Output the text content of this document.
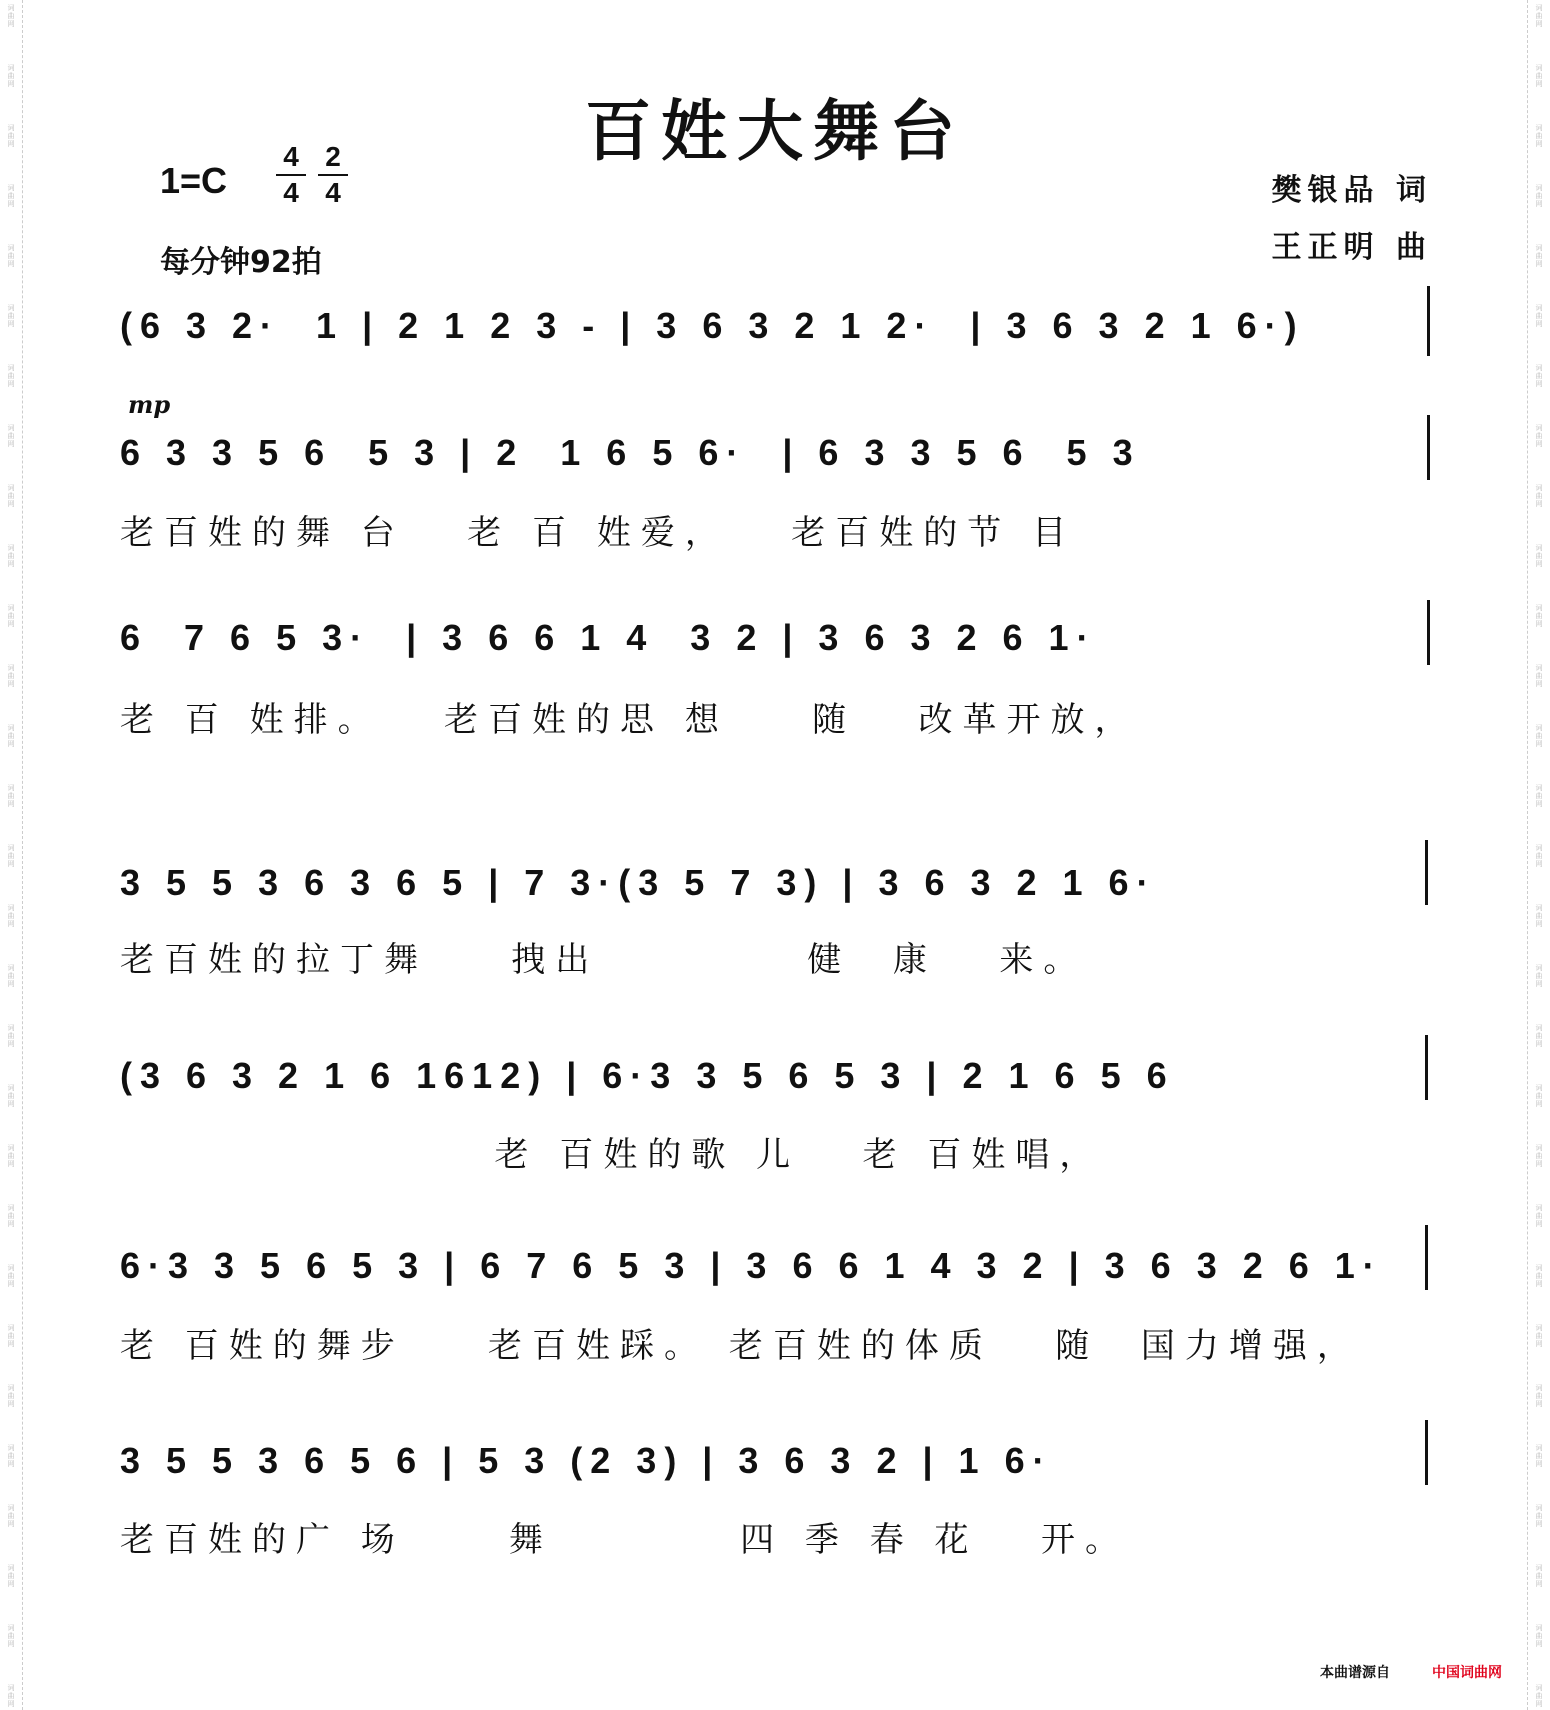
百姓大舞台
1=C
4
4
2
4
每分钟92拍
樊银品 词
王正明 曲
mp
(6 3 2·  1 | 2 1 2 3 - | 3 6 3 2 1 2·  | 3 6 3 2 1 6·)
6 3 3 5 6  5 3 | 2  1 6 5 6·  | 6 3 3 5 6  5 3
老百姓的舞 台   老 百 姓爱，   老百姓的节 目
6  7 6 5 3·  | 3 6 6 1 4  3 2 | 3 6 3 2 6 1·
老 百 姓排。   老百姓的思 想    随   改革开放，
3 5 5 3 6 3 6 5 | 7 3·(3 5 7 3) | 3 6 3 2 1 6·
老百姓的拉丁舞    拽出          健  康   来。
(3 6 3 2 1 6 1612) | 6·3 3 5 6 5 3 | 2 1 6 5 6
老 百姓的歌 儿   老 百姓唱，
6·3 3 5 6 5 3 | 6 7 6 5 3 | 3 6 6 1 4 3 2 | 3 6 3 2 6 1·
老 百姓的舞步    老百姓踩。 老百姓的体质   随  国力增强，
3 5 5 3 6 5 6 | 5 3 (2 3) | 3 6 3 2 | 1 6·
老百姓的广 场     舞         四 季 春 花   开。
本曲谱源自	中国词曲网
词
曲
网
词
曲
网
词
曲
网
词
曲
网
词
曲
网
词
曲
网
词
曲
网
词
曲
网
词
曲
网
词
曲
网
词
曲
网
词
曲
网
词
曲
网
词
曲
网
词
曲
网
词
曲
网
词
曲
网
词
曲
网
词
曲
网
词
曲
网
词
曲
网
词
曲
网
词
曲
网
词
曲
网
词
曲
网
词
曲
网
词
曲
网
词
曲
网
词
曲
网
词
曲
网
词
曲
网
词
曲
网
词
曲
网
词
曲
网
词
曲
网
词
曲
网
词
曲
网
词
曲
网
词
曲
网
词
曲
网
词
曲
网
词
曲
网
词
曲
网
词
曲
网
词
曲
网
词
曲
网
词
曲
网
词
曲
网
词
曲
网
词
曲
网
词
曲
网
词
曲
网
词
曲
网
词
曲
网
词
曲
网
词
曲
网
词
曲
网
词
曲
网
